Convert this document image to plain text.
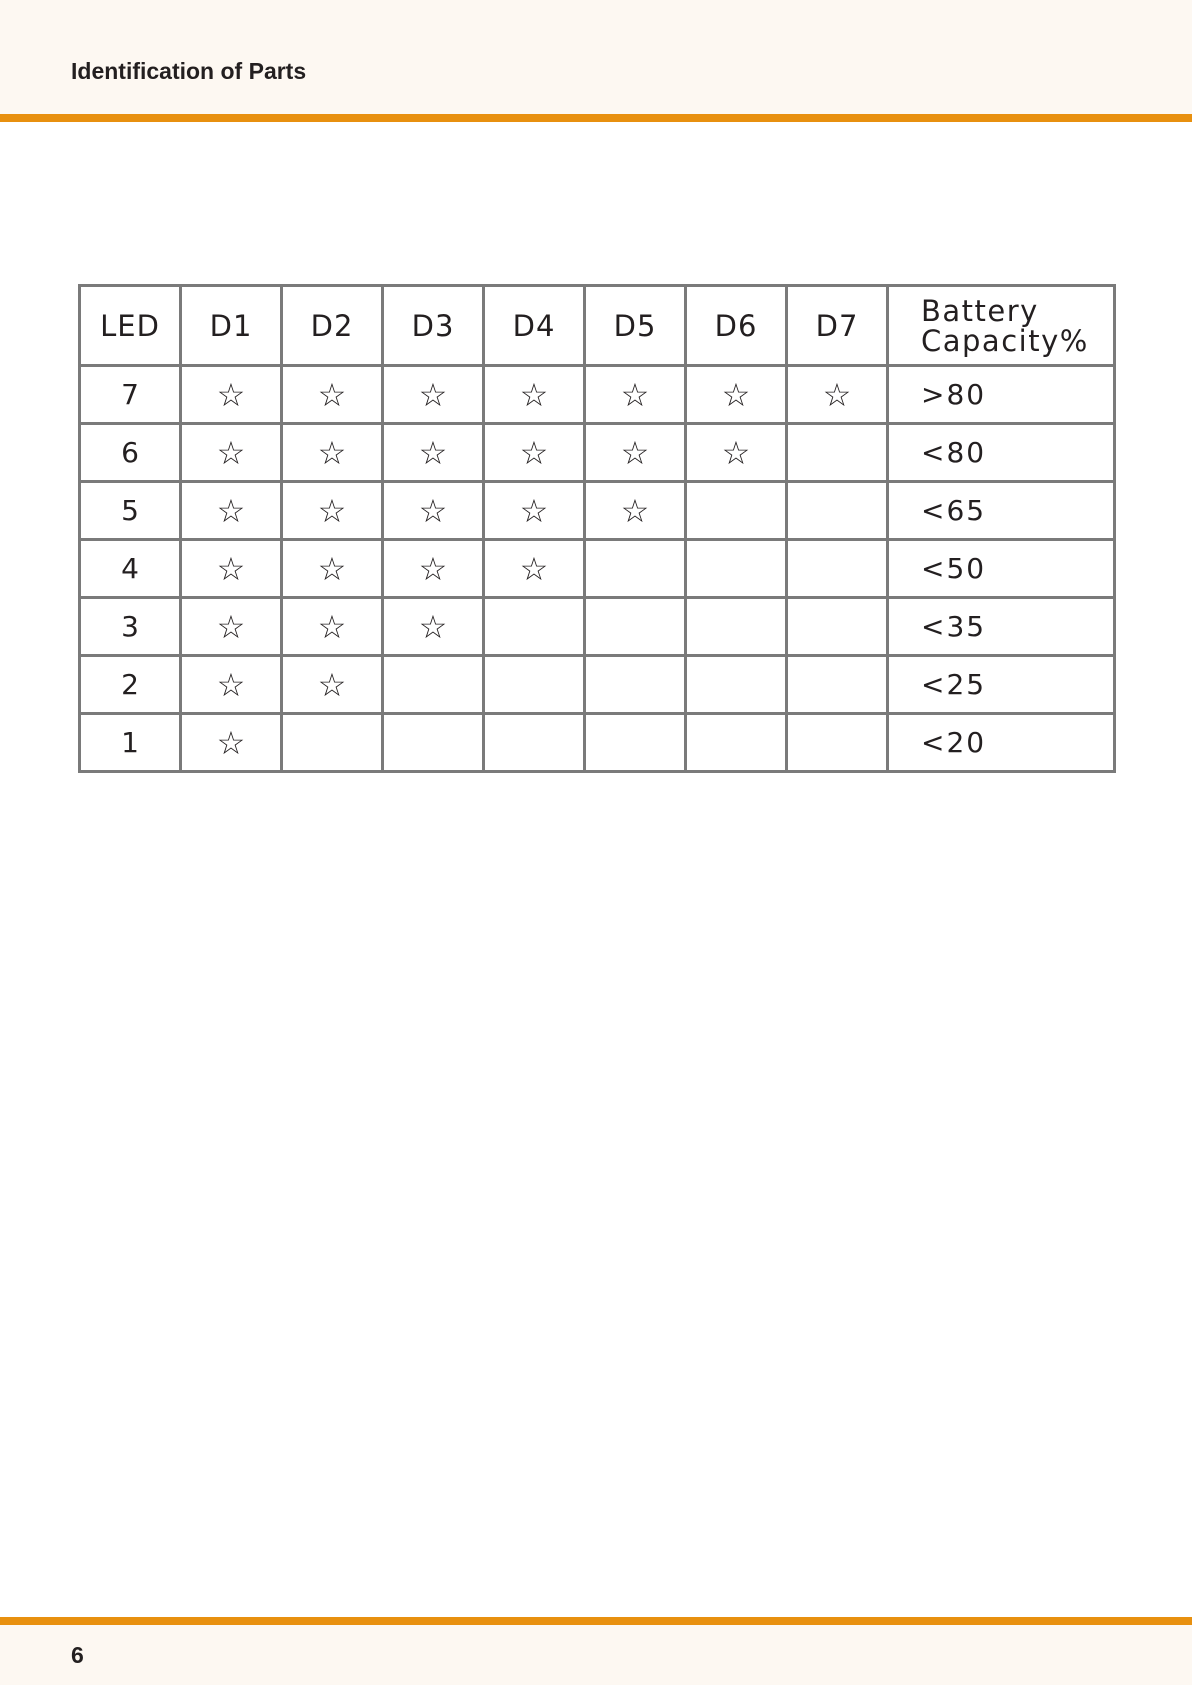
Identification of Parts
LED	D1	D2	D3	D4	D5	D6	D7	Battery
Capacity%

7	☆	☆	☆	☆	☆	☆	☆	>80
6	☆	☆	☆	☆	☆	☆		<80
5	☆	☆	☆	☆	☆			<65
4	☆	☆	☆	☆				<50
3	☆	☆	☆					<35
2	☆	☆						<25
1	☆							<20
6
